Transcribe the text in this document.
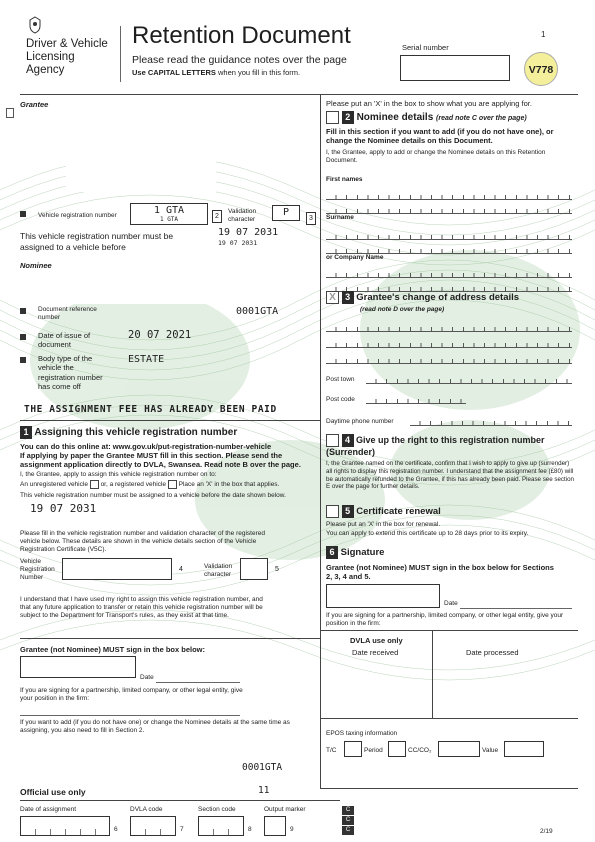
Driver & Vehicle
Licensing
Agency
Retention Document
Please read the guidance notes over the page
Use CAPITAL LETTERS when you fill in this form.
Serial number
1
V778
Grantee
Vehicle registration number	1 GTA
1 GTA	2
Validation character
P
3
This vehicle registration number must be assigned to a vehicle before
19 07 2031
19 07 2031
Nominee
Document reference number
0001GTA
Date of issue of document
20 07 2021
Body type of the vehicle the registration number has come off
ESTATE
THE ASSIGNMENT FEE HAS ALREADY BEEN PAID
1 Assigning this vehicle registration number
You can do this online at: www.gov.uk/put-registration-number-vehicle
If applying by paper the Grantee MUST fill in this section. Please send the assignment application directly to DVLA, Swansea. Read note B over the page.
I, the Grantee, apply to assign this vehicle registration number on to:
An unregistered vehicle or, a registered vehicle Place an 'X' in the box that applies.
This vehicle registration number must be assigned to a vehicle before the date shown below.
19 07 2031
Please fill in the vehicle registration number and validation character of the registered vehicle below. These details are shown in the vehicle details section of the Vehicle Registration Certificate (V5C).
Vehicle Registration Number
4	Validation character
5
I understand that I have used my right to assign this vehicle registration number, and that any future application to transfer or retain this vehicle registration number will be subject to the Department for Transport's rules, as they exist at that time.
Grantee (not Nominee) MUST sign in the box below:
Date
If you are signing for a partnership, limited company, or other legal entity, give your position in the firm:
If you want to add (if you do not have one) or change the Nominee details at the same time as assigning, you also need to fill in Section 2.
0001GTA
Official use only	11
Date of assignment
6
DVLA code
7
Section code
8
Output marker
9
C
C
C	2/19
Please put an 'X' in the box to show what you are applying for.
2 Nominee details (read note C over the page)
Fill in this section if you want to add (if you do not have one), or change the Nominee details on this Document.
I, the Grantee, apply to add or change the Nominee details on this Retention Document.
First names
Surname
or Company Name
X 3 Grantee's change of address details
(read note D over the page)
Post town
Post code
Daytime phone number
4 Give up the right to this registration number (Surrender)
I, the Grantee named on the certificate, confirm that I wish to apply to give up (surrender) all rights to display this registration number. I understand that the assignment fee (£80) will be automatically refunded to the Grantee, if this has already been paid. Please see section E over the page for further details.
5 Certificate renewal
Please put an 'X' in the box for renewal.
You can apply to extend this certificate up to 28 days prior to its expiry.
6 Signature
Grantee (not Nominee) MUST sign in the box below for Sections 2, 3, 4 and 5.
Date
If you are signing for a partnership, limited company, or other legal entity, give your position in the firm:
DVLA use only
Date received	Date processed
EPOS taxing information
T/C	Period	CC/CO₂	Value
